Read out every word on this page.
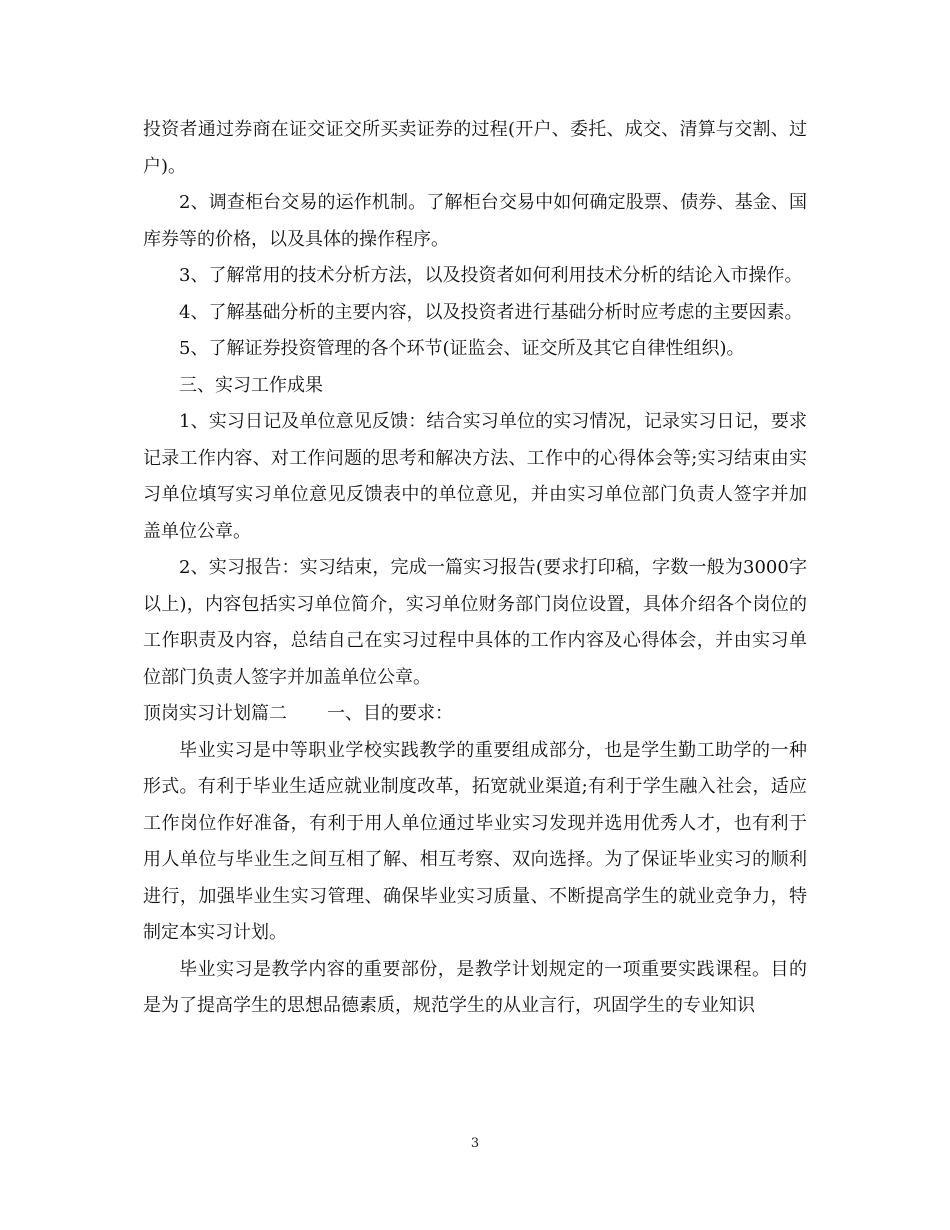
投资者通过券商在证交证交所买卖证券的过程(开户、委托、成交、清算与交割、过户)。

2、调查柜台交易的运作机制。了解柜台交易中如何确定股票、债券、基金、国库券等的价格，以及具体的操作程序。

3、了解常用的技术分析方法，以及投资者如何利用技术分析的结论入市操作。

4、了解基础分析的主要内容，以及投资者进行基础分析时应考虑的主要因素。

5、了解证券投资管理的各个环节(证监会、证交所及其它自律性组织)。

三、实习工作成果

1、实习日记及单位意见反馈：结合实习单位的实习情况，记录实习日记，要求记录工作内容、对工作问题的思考和解决方法、工作中的心得体会等;实习结束由实习单位填写实习单位意见反馈表中的单位意见，并由实习单位部门负责人签字并加盖单位公章。

2、实习报告：实习结束，完成一篇实习报告(要求打印稿，字数一般为3000字以上)，内容包括实习单位简介，实习单位财务部门岗位设置，具体介绍各个岗位的工作职责及内容，总结自己在实习过程中具体的工作内容及心得体会，并由实习单位部门负责人签字并加盖单位公章。

顶岗实习计划篇二 一、目的要求：

毕业实习是中等职业学校实践教学的重要组成部分，也是学生勤工助学的一种形式。有利于毕业生适应就业制度改革，拓宽就业渠道;有利于学生融入社会，适应工作岗位作好准备，有利于用人单位通过毕业实习发现并选用优秀人才，也有利于用人单位与毕业生之间互相了解、相互考察、双向选择。为了保证毕业实习的顺利进行，加强毕业生实习管理、确保毕业实习质量、不断提高学生的就业竞争力，特制定本实习计划。

毕业实习是教学内容的重要部份，是教学计划规定的一项重要实践课程。目的是为了提高学生的思想品德素质，规范学生的从业言行，巩固学生的专业知识

3
